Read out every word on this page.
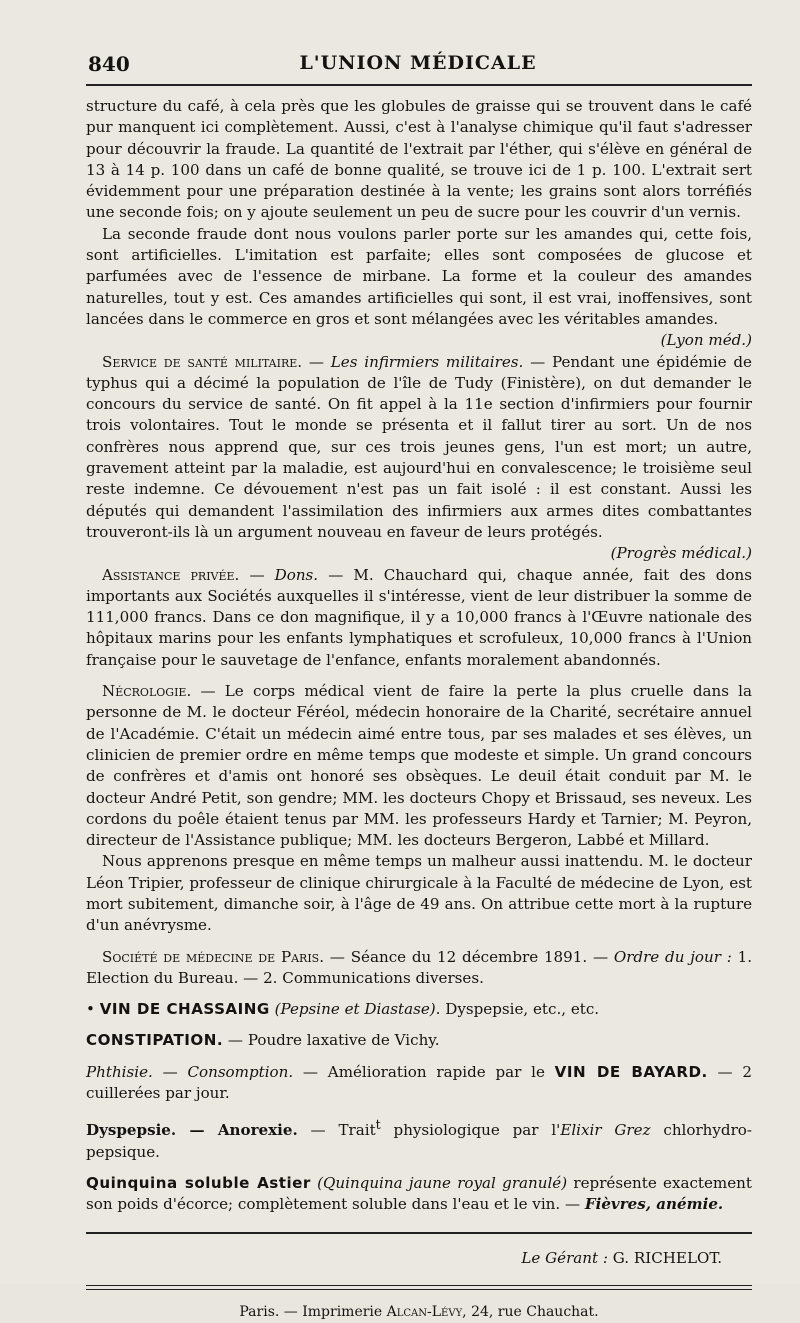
840	L'UNION MÉDICALE

structure du café, à cela près que les globules de graisse qui se trouvent dans le café pur manquent ici complètement. Aussi, c'est à l'analyse chimique qu'il faut s'adresser pour découvrir la fraude. La quantité de l'extrait par l'éther, qui s'élève en général de 13 à 14 p. 100 dans un café de bonne qualité, se trouve ici de 1 p. 100. L'extrait sert évidemment pour une préparation destinée à la vente; les grains sont alors torréfiés une seconde fois; on y ajoute seulement un peu de sucre pour les couvrir d'un vernis.

La seconde fraude dont nous voulons parler porte sur les amandes qui, cette fois, sont artificielles. L'imitation est parfaite; elles sont composées de glucose et parfumées avec de l'essence de mirbane. La forme et la couleur des amandes naturelles, tout y est. Ces amandes artificielles qui sont, il est vrai, inoffensives, sont lancées dans le commerce en gros et sont mélangées avec les véritables amandes.
(Lyon méd.)

Service de santé militaire. — Les infirmiers militaires. — Pendant une épidémie de typhus qui a décimé la population de l'île de Tudy (Finistère), on dut demander le concours du service de santé. On fit appel à la 11e section d'infirmiers pour fournir trois volontaires. Tout le monde se présenta et il fallut tirer au sort. Un de nos confrères nous apprend que, sur ces trois jeunes gens, l'un est mort; un autre, gravement atteint par la maladie, est aujourd'hui en convalescence; le troisième seul reste indemne. Ce dévouement n'est pas un fait isolé : il est constant. Aussi les députés qui demandent l'assimilation des infirmiers aux armes dites combattantes trouveront-ils là un argument nouveau en faveur de leurs protégés.
(Progrès médical.)

Assistance privée. — Dons. — M. Chauchard qui, chaque année, fait des dons importants aux Sociétés auxquelles il s'intéresse, vient de leur distribuer la somme de 111,000 francs. Dans ce don magnifique, il y a 10,000 francs à l'Œuvre nationale des hôpitaux marins pour les enfants lymphatiques et scrofuleux, 10,000 francs à l'Union française pour le sauvetage de l'enfance, enfants moralement abandonnés.

Nécrologie. — Le corps médical vient de faire la perte la plus cruelle dans la personne de M. le docteur Féréol, médecin honoraire de la Charité, secrétaire annuel de l'Académie. C'était un médecin aimé entre tous, par ses malades et ses élèves, un clinicien de premier ordre en même temps que modeste et simple. Un grand concours de confrères et d'amis ont honoré ses obsèques. Le deuil était conduit par M. le docteur André Petit, son gendre; MM. les docteurs Chopy et Brissaud, ses neveux. Les cordons du poêle étaient tenus par MM. les professeurs Hardy et Tarnier; M. Peyron, directeur de l'Assistance publique; MM. les docteurs Bergeron, Labbé et Millard.

Nous apprenons presque en même temps un malheur aussi inattendu. M. le docteur Léon Tripier, professeur de clinique chirurgicale à la Faculté de médecine de Lyon, est mort subitement, dimanche soir, à l'âge de 49 ans. On attribue cette mort à la rupture d'un anévrysme.

Société de médecine de Paris. — Séance du 12 décembre 1891. — Ordre du jour : 1. Election du Bureau. — 2. Communications diverses.

• VIN DE CHASSAING (Pepsine et Diastase). Dyspepsie, etc., etc.

CONSTIPATION. — Poudre laxative de Vichy.

Phthisie. — Consomption. — Amélioration rapide par le VIN DE BAYARD. — 2 cuillerées par jour.

Dyspepsie. — Anorexie. — Trait$^t$ physiologique par l'Elixir Grez chlorhydro-pepsique.

Quinquina soluble Astier (Quinquina jaune royal granulé) représente exactement son poids d'écorce; complètement soluble dans l'eau et le vin. — Fièvres, anémie.

Le Gérant : G. RICHELOT.
Paris. — Imprimerie Alcan-Lévy, 24, rue Chauchat.
